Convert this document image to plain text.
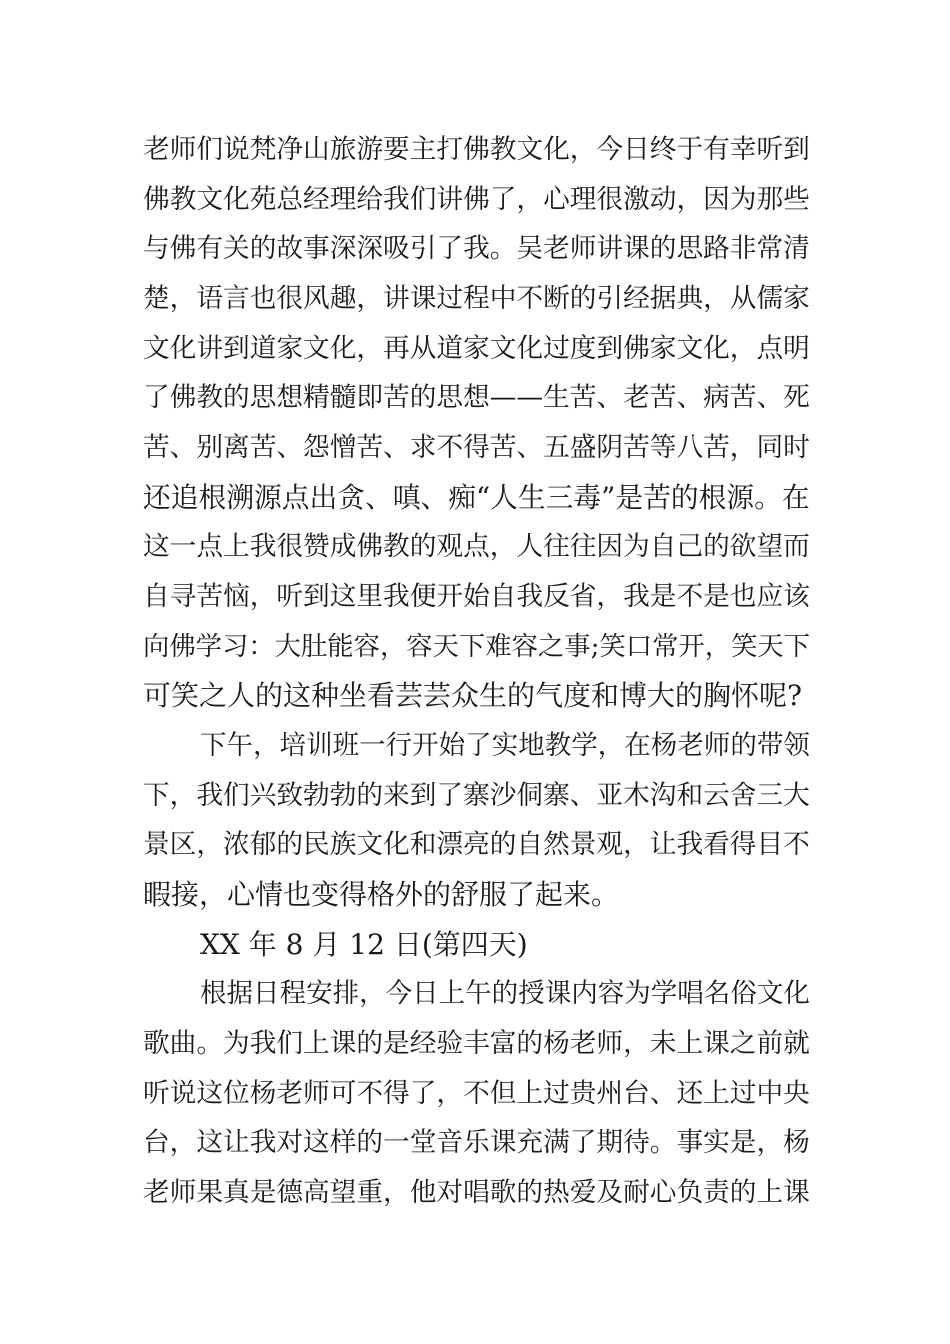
老师们说梵净山旅游要主打佛教文化，今日终于有幸听到
佛教文化苑总经理给我们讲佛了，心理很激动，因为那些
与佛有关的故事深深吸引了我。吴老师讲课的思路非常清
楚，语言也很风趣，讲课过程中不断的引经据典，从儒家
文化讲到道家文化，再从道家文化过度到佛家文化，点明
了佛教的思想精髓即苦的思想——生苦、老苦、病苦、死
苦、别离苦、怨憎苦、求不得苦、五盛阴苦等八苦，同时
还追根溯源点出贪、嗔、痴“人生三毒”是苦的根源。在
这一点上我很赞成佛教的观点，人往往因为自己的欲望而
自寻苦恼，听到这里我便开始自我反省，我是不是也应该
向佛学习：大肚能容，容天下难容之事;笑口常开，笑天下
可笑之人的这种坐看芸芸众生的气度和博大的胸怀呢?
下午，培训班一行开始了实地教学，在杨老师的带领
下，我们兴致勃勃的来到了寨沙侗寨、亚木沟和云舍三大
景区，浓郁的民族文化和漂亮的自然景观，让我看得目不
暇接，心情也变得格外的舒服了起来。
XX 年 8 月 12 日(第四天)
根据日程安排，今日上午的授课内容为学唱名俗文化
歌曲。为我们上课的是经验丰富的杨老师，未上课之前就
听说这位杨老师可不得了，不但上过贵州台、还上过中央
台，这让我对这样的一堂音乐课充满了期待。事实是，杨
老师果真是德高望重，他对唱歌的热爱及耐心负责的上课
